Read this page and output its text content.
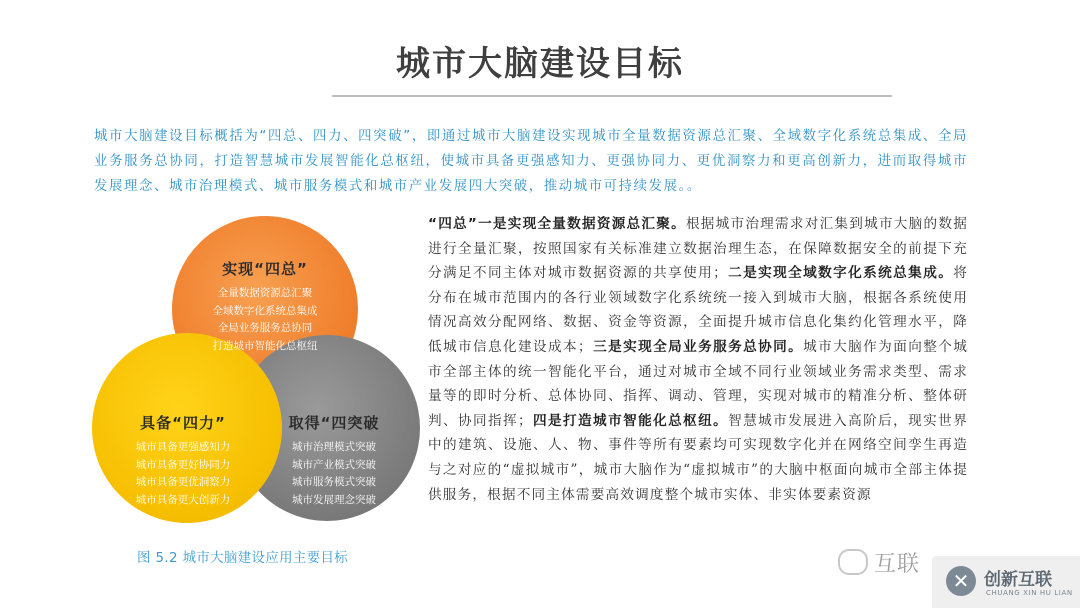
城市大脑建设目标
城市大脑建设目标概括为“四总、四力、四突破”，即通过城市大脑建设实现城市全量数据资源总汇聚、全域数字化系统总集成、全局业务服务总协同，打造智慧城市发展智能化总枢纽，使城市具备更强感知力、更强协同力、更优洞察力和更高创新力，进而取得城市发展理念、城市治理模式、城市服务模式和城市产业发展四大突破，推动城市可持续发展。。
实现“四总”
全量数据资源总汇聚
全域数字化系统总集成
全局业务服务总协同
打造城市智能化总枢纽
具备“四力”
城市具备更强感知力
城市具备更好协同力
城市具备更优洞察力
城市具备更大创新力
取得“四突破
城市治理模式突破
城市产业模式突破
城市服务模式突破
城市发展理念突破
图 5.2 城市大脑建设应用主要目标
“四总”一是实现全量数据资源总汇聚。根据城市治理需求对汇集到城市大脑的数据进行全量汇聚，按照国家有关标准建立数据治理生态，在保障数据安全的前提下充分满足不同主体对城市数据资源的共享使用；二是实现全域数字化系统总集成。将分布在城市范围内的各行业领域数字化系统统一接入到城市大脑，根据各系统使用情况高效分配网络、数据、资金等资源，全面提升城市信息化集约化管理水平，降低城市信息化建设成本；三是实现全局业务服务总协同。城市大脑作为面向整个城市全部主体的统一智能化平台，通过对城市全域不同行业领域业务需求类型、需求量等的即时分析、总体协同、指挥、调动、管理，实现对城市的精准分析、整体研判、协同指挥；四是打造城市智能化总枢纽。智慧城市发展进入高阶后，现实世界中的建筑、设施、人、物、事件等所有要素均可实现数字化并在网络空间孪生再造与之对应的“虚拟城市”，城市大脑作为“虚拟城市”的大脑中枢面向城市全部主体提供服务，根据不同主体需要高效调度整个城市实体、非实体要素资源
互联
✕ 创新互联
CHUANG XIN HU LIAN
